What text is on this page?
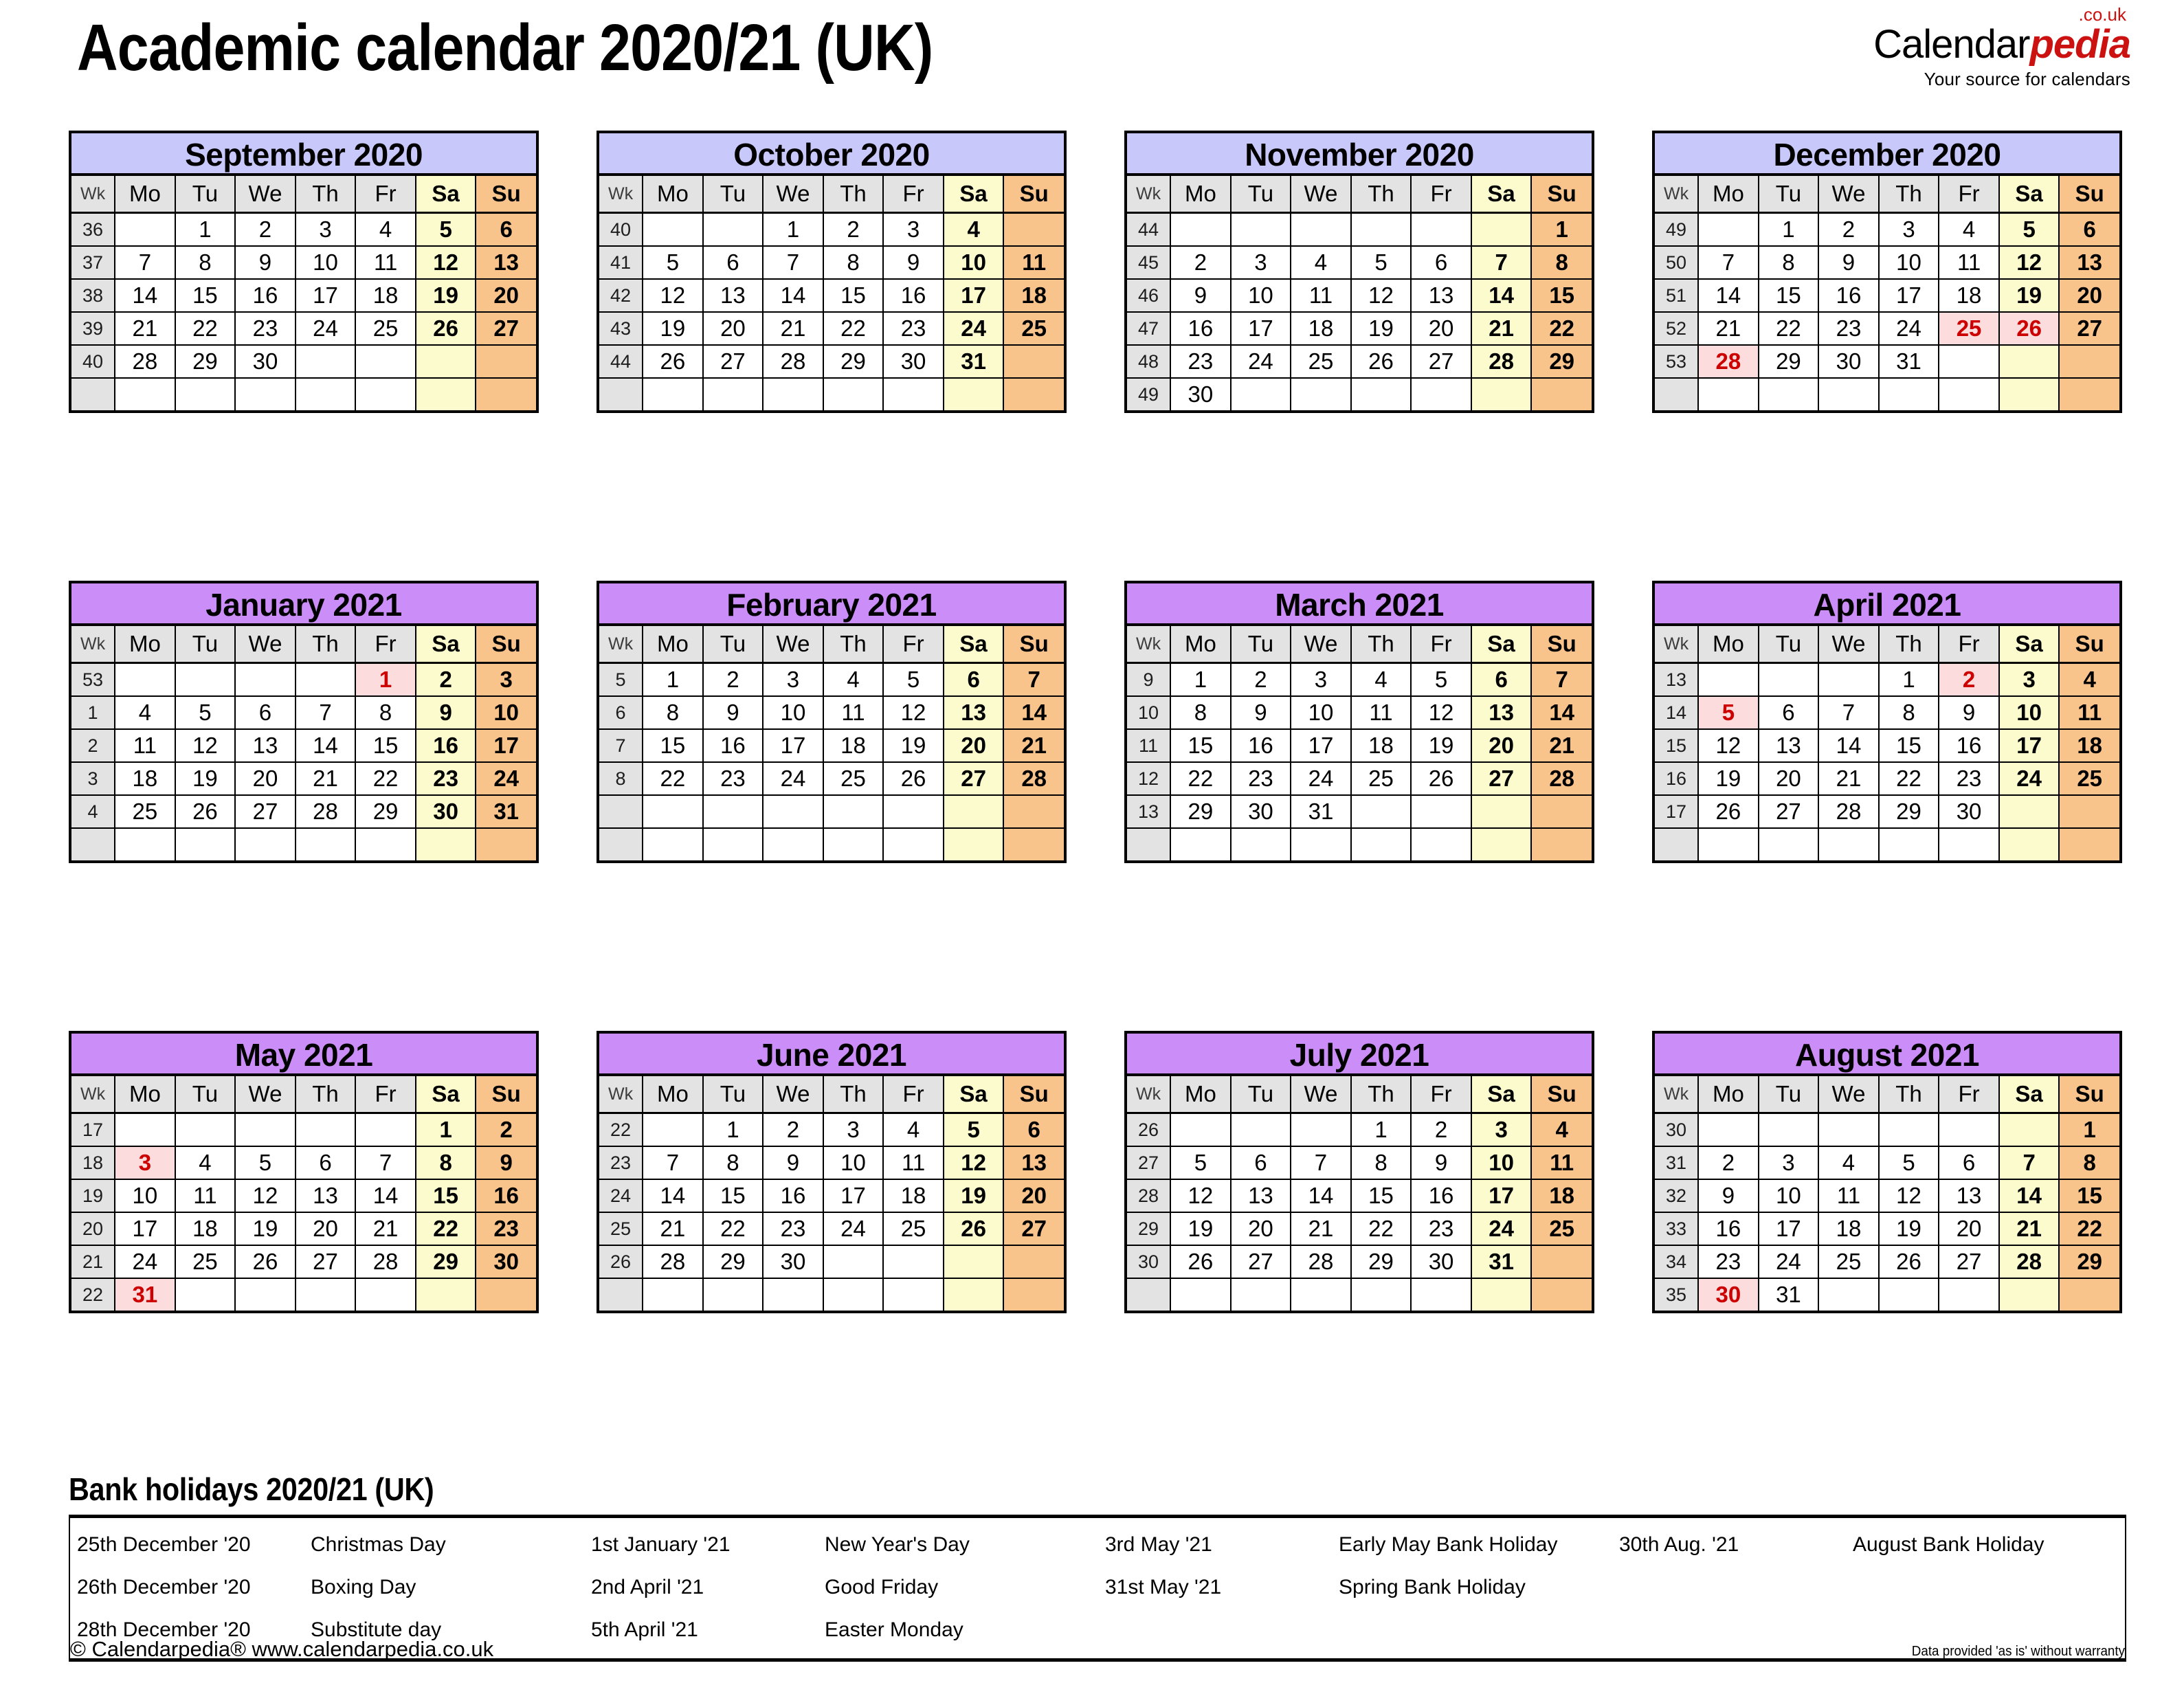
Academic calendar 2020/21 (UK)	Calendarpedia
.co.uk
Your source for calendars
September 2020
Wk	Mo	Tu	We	Th	Fr	Sa	Su
36		1	2	3	4	5	6
37	7	8	9	10	11	12	13
38	14	15	16	17	18	19	20
39	21	22	23	24	25	26	27
40	28	29	30				

October 2020
Wk	Mo	Tu	We	Th	Fr	Sa	Su
40			1	2	3	4	
41	5	6	7	8	9	10	11
42	12	13	14	15	16	17	18
43	19	20	21	22	23	24	25
44	26	27	28	29	30	31	

November 2020
Wk	Mo	Tu	We	Th	Fr	Sa	Su
44							1
45	2	3	4	5	6	7	8
46	9	10	11	12	13	14	15
47	16	17	18	19	20	21	22
48	23	24	25	26	27	28	29
49	30						
December 2020
Wk	Mo	Tu	We	Th	Fr	Sa	Su
49		1	2	3	4	5	6
50	7	8	9	10	11	12	13
51	14	15	16	17	18	19	20
52	21	22	23	24	25	26	27
53	28	29	30	31			

January 2021
Wk	Mo	Tu	We	Th	Fr	Sa	Su
53					1	2	3
1	4	5	6	7	8	9	10
2	11	12	13	14	15	16	17
3	18	19	20	21	22	23	24
4	25	26	27	28	29	30	31

February 2021
Wk	Mo	Tu	We	Th	Fr	Sa	Su
5	1	2	3	4	5	6	7
6	8	9	10	11	12	13	14
7	15	16	17	18	19	20	21
8	22	23	24	25	26	27	28

March 2021
Wk	Mo	Tu	We	Th	Fr	Sa	Su
9	1	2	3	4	5	6	7
10	8	9	10	11	12	13	14
11	15	16	17	18	19	20	21
12	22	23	24	25	26	27	28
13	29	30	31				

April 2021
Wk	Mo	Tu	We	Th	Fr	Sa	Su
13				1	2	3	4
14	5	6	7	8	9	10	11
15	12	13	14	15	16	17	18
16	19	20	21	22	23	24	25
17	26	27	28	29	30		

May 2021
Wk	Mo	Tu	We	Th	Fr	Sa	Su
17						1	2
18	3	4	5	6	7	8	9
19	10	11	12	13	14	15	16
20	17	18	19	20	21	22	23
21	24	25	26	27	28	29	30
22	31						
June 2021
Wk	Mo	Tu	We	Th	Fr	Sa	Su
22		1	2	3	4	5	6
23	7	8	9	10	11	12	13
24	14	15	16	17	18	19	20
25	21	22	23	24	25	26	27
26	28	29	30				

July 2021
Wk	Mo	Tu	We	Th	Fr	Sa	Su
26				1	2	3	4
27	5	6	7	8	9	10	11
28	12	13	14	15	16	17	18
29	19	20	21	22	23	24	25
30	26	27	28	29	30	31	

August 2021
Wk	Mo	Tu	We	Th	Fr	Sa	Su
30							1
31	2	3	4	5	6	7	8
32	9	10	11	12	13	14	15
33	16	17	18	19	20	21	22
34	23	24	25	26	27	28	29
35	30	31					
Bank holidays 2020/21 (UK)
25th December '20	Christmas Day	1st January '21	New Year's Day	3rd May '21	Early May Bank Holiday	30th Aug. '21	August Bank Holiday
26th December '20	Boxing Day	2nd April '21	Good Friday	31st May '21	Spring Bank Holiday		
28th December '20	Substitute day	5th April '21	Easter Monday				
© Calendarpedia® www.calendarpedia.co.uk	Data provided 'as is' without warranty
